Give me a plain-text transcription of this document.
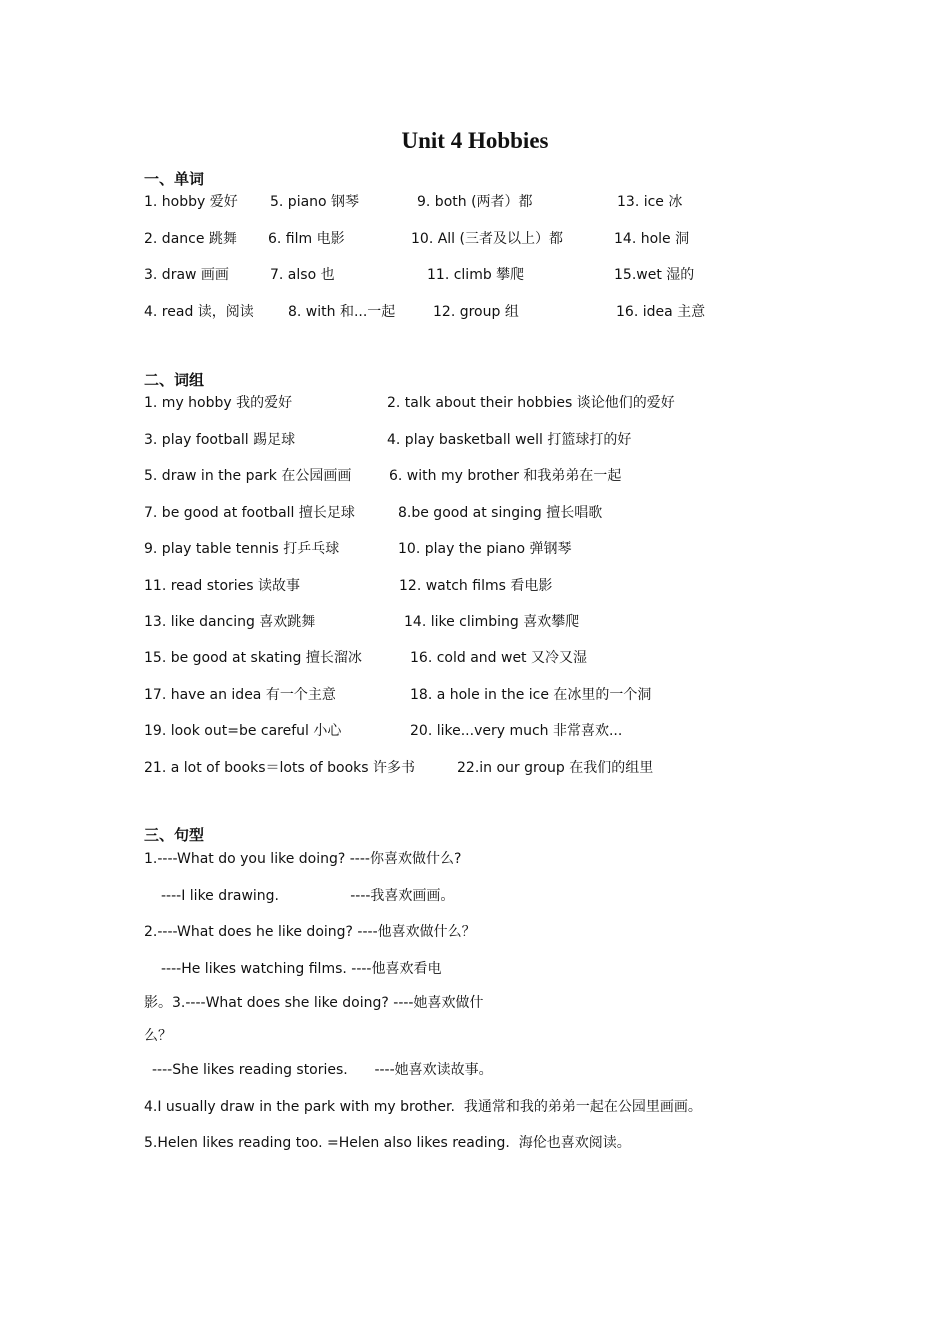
Unit 4 Hobbies
一、单词
1. hobby 爱好 5. piano 钢琴	9. both (两者）都	13. ice 冰
2. dance 跳舞 6. film 电影	10. All (三者及以上）都	14. hole 洞
3. draw 画画	7. also 也	11. climb 攀爬	15.wet 湿的
4. read 读，阅读 8. with 和...一起	12. group 组	16. idea 主意
二、词组
1. my hobby 我的爱好	2. talk about their hobbies 谈论他们的爱好
3. play football 踢足球	4. play basketball well 打篮球打的好
5. draw in the park 在公园画画	6. with my brother 和我弟弟在一起
7. be good at football 擅长足球	8.be good at singing 擅长唱歌
9. play table tennis 打乒乓球	10. play the piano 弹钢琴
11. read stories 读故事	12. watch films 看电影
13. like dancing 喜欢跳舞	14. like climbing 喜欢攀爬
15. be good at skating 擅长溜冰	16. cold and wet 又冷又湿
17. have an idea 有一个主意	18. a hole in the ice 在冰里的一个洞
19. look out=be careful 小心	20. like...very much 非常喜欢...
21. a lot of books＝lots of books 许多书	22.in our group 在我们的组里
三、句型
1.----What do you like doing? ----你喜欢做什么?
----I like drawing.                ----我喜欢画画。
2.----What does he like doing? ----他喜欢做什么？
----He likes watching films. ----他喜欢看电
影。3.----What does she like doing? ----她喜欢做什
么？
----She likes reading stories.      ----她喜欢读故事。
4.I usually draw in the park with my brother.  我通常和我的弟弟一起在公园里画画。
5.Helen likes reading too. =Helen also likes reading.  海伦也喜欢阅读。
